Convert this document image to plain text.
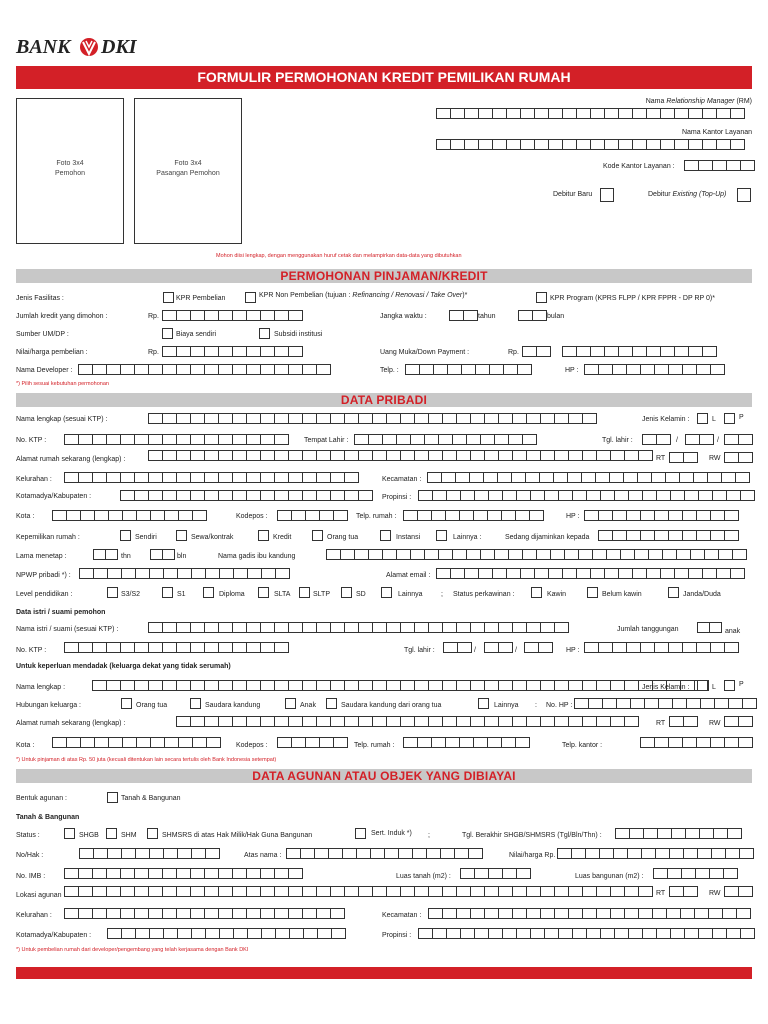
BANK DKI
FORMULIR PERMOHONAN KREDIT PEMILIKAN RUMAH
Foto 3x4
Pemohon
Foto 3x4
Pasangan Pemohon
Nama Relationship Manager (RM)
Nama Kantor Layanan
Kode Kantor Layanan :
Debitur Baru	Debitur Existing (Top-Up)
Mohon diisi lengkap, dengan menggunakan huruf cetak dan melampirkan data-data yang dibutuhkan
PERMOHONAN PINJAMAN/KREDIT
Jenis Fasilitas :	KPR Pembelian	KPR Non Pembelian (tujuan : Refinancing / Renovasi / Take Over)*	KPR Program (KPRS FLPP / KPR FPPR - DP RP 0)*
Jumlah kredit yang dimohon :	Rp.	Jangka waktu :	tahun	bulan
Sumber UM/DP :	Biaya sendiri	Subsidi institusi
Nilai/harga pembelian :	Rp.	Uang Muka/Down Payment :	Rp.
Nama Developer :	Telp. :	HP :
*) Pilih sesuai kebutuhan permohonan
DATA PRIBADI
Nama lengkap (sesuai KTP) :	Jenis Kelamin :	L	P
No. KTP :	Tempat Lahir :	Tgl. lahir :	/	/
Alamat rumah sekarang (lengkap) :	RT	RW
Kelurahan :	Kecamatan :
Kotamadya/Kabupaten :	Propinsi :
Kota :	Kodepos :	Telp. rumah :	HP :
Kepemilikan rumah :	Sendiri	Sewa/kontrak	Kredit	Orang tua	Instansi	Lainnya :	Sedang dijaminkan kepada
Lama menetap :	thn	bln	Nama gadis ibu kandung
NPWP pribadi *) :	Alamat email :
Level pendidikan :	S3/S2	S1	Diploma	SLTA	SLTP	SD	Lainnya	; Status perkawinan :	Kawin	Belum kawin	Janda/Duda
Data istri / suami pemohon
Nama istri / suami (sesuai KTP) :	Jumlah tanggungan	anak
No. KTP :	Tgl. lahir :	/	/	HP :
Untuk keperluan mendadak (keluarga dekat yang tidak serumah)
Nama lengkap :	Jenis Kelamin :	L	P
Hubungan keluarga :	Orang tua	Saudara kandung	Anak	Saudara kandung dari orang tua	Lainnya : No. HP :
Alamat rumah sekarang (lengkap) :	RT	RW
Kota :	Kodepos :	Telp. rumah :	Telp. kantor :
*) Untuk pinjaman di atas Rp. 50 juta (kecuali ditentukan lain secara tertulis oleh Bank Indonesia setempat)
DATA AGUNAN ATAU OBJEK YANG DIBIAYAI
Bentuk agunan :	Tanah & Bangunan
Tanah & Bangunan
Status :	SHGB	SHM	SHMSRS di atas Hak Milik/Hak Guna Bangunan	Sert. Induk *) ;	Tgl. Berakhir SHGB/SHMSRS (Tgl/Bln/Thn) :
No/Hak :	Atas nama :	Nilai/harga Rp.
No. IMB :	Luas tanah (m2) :	Luas bangunan (m2) :
Lokasi agunan :	RT	RW
Kelurahan :	Kecamatan :
Kotamadya/Kabupaten :	Propinsi :
*) Untuk pembelian rumah dari developer/pengembang yang telah kerjasama dengan Bank DKI
